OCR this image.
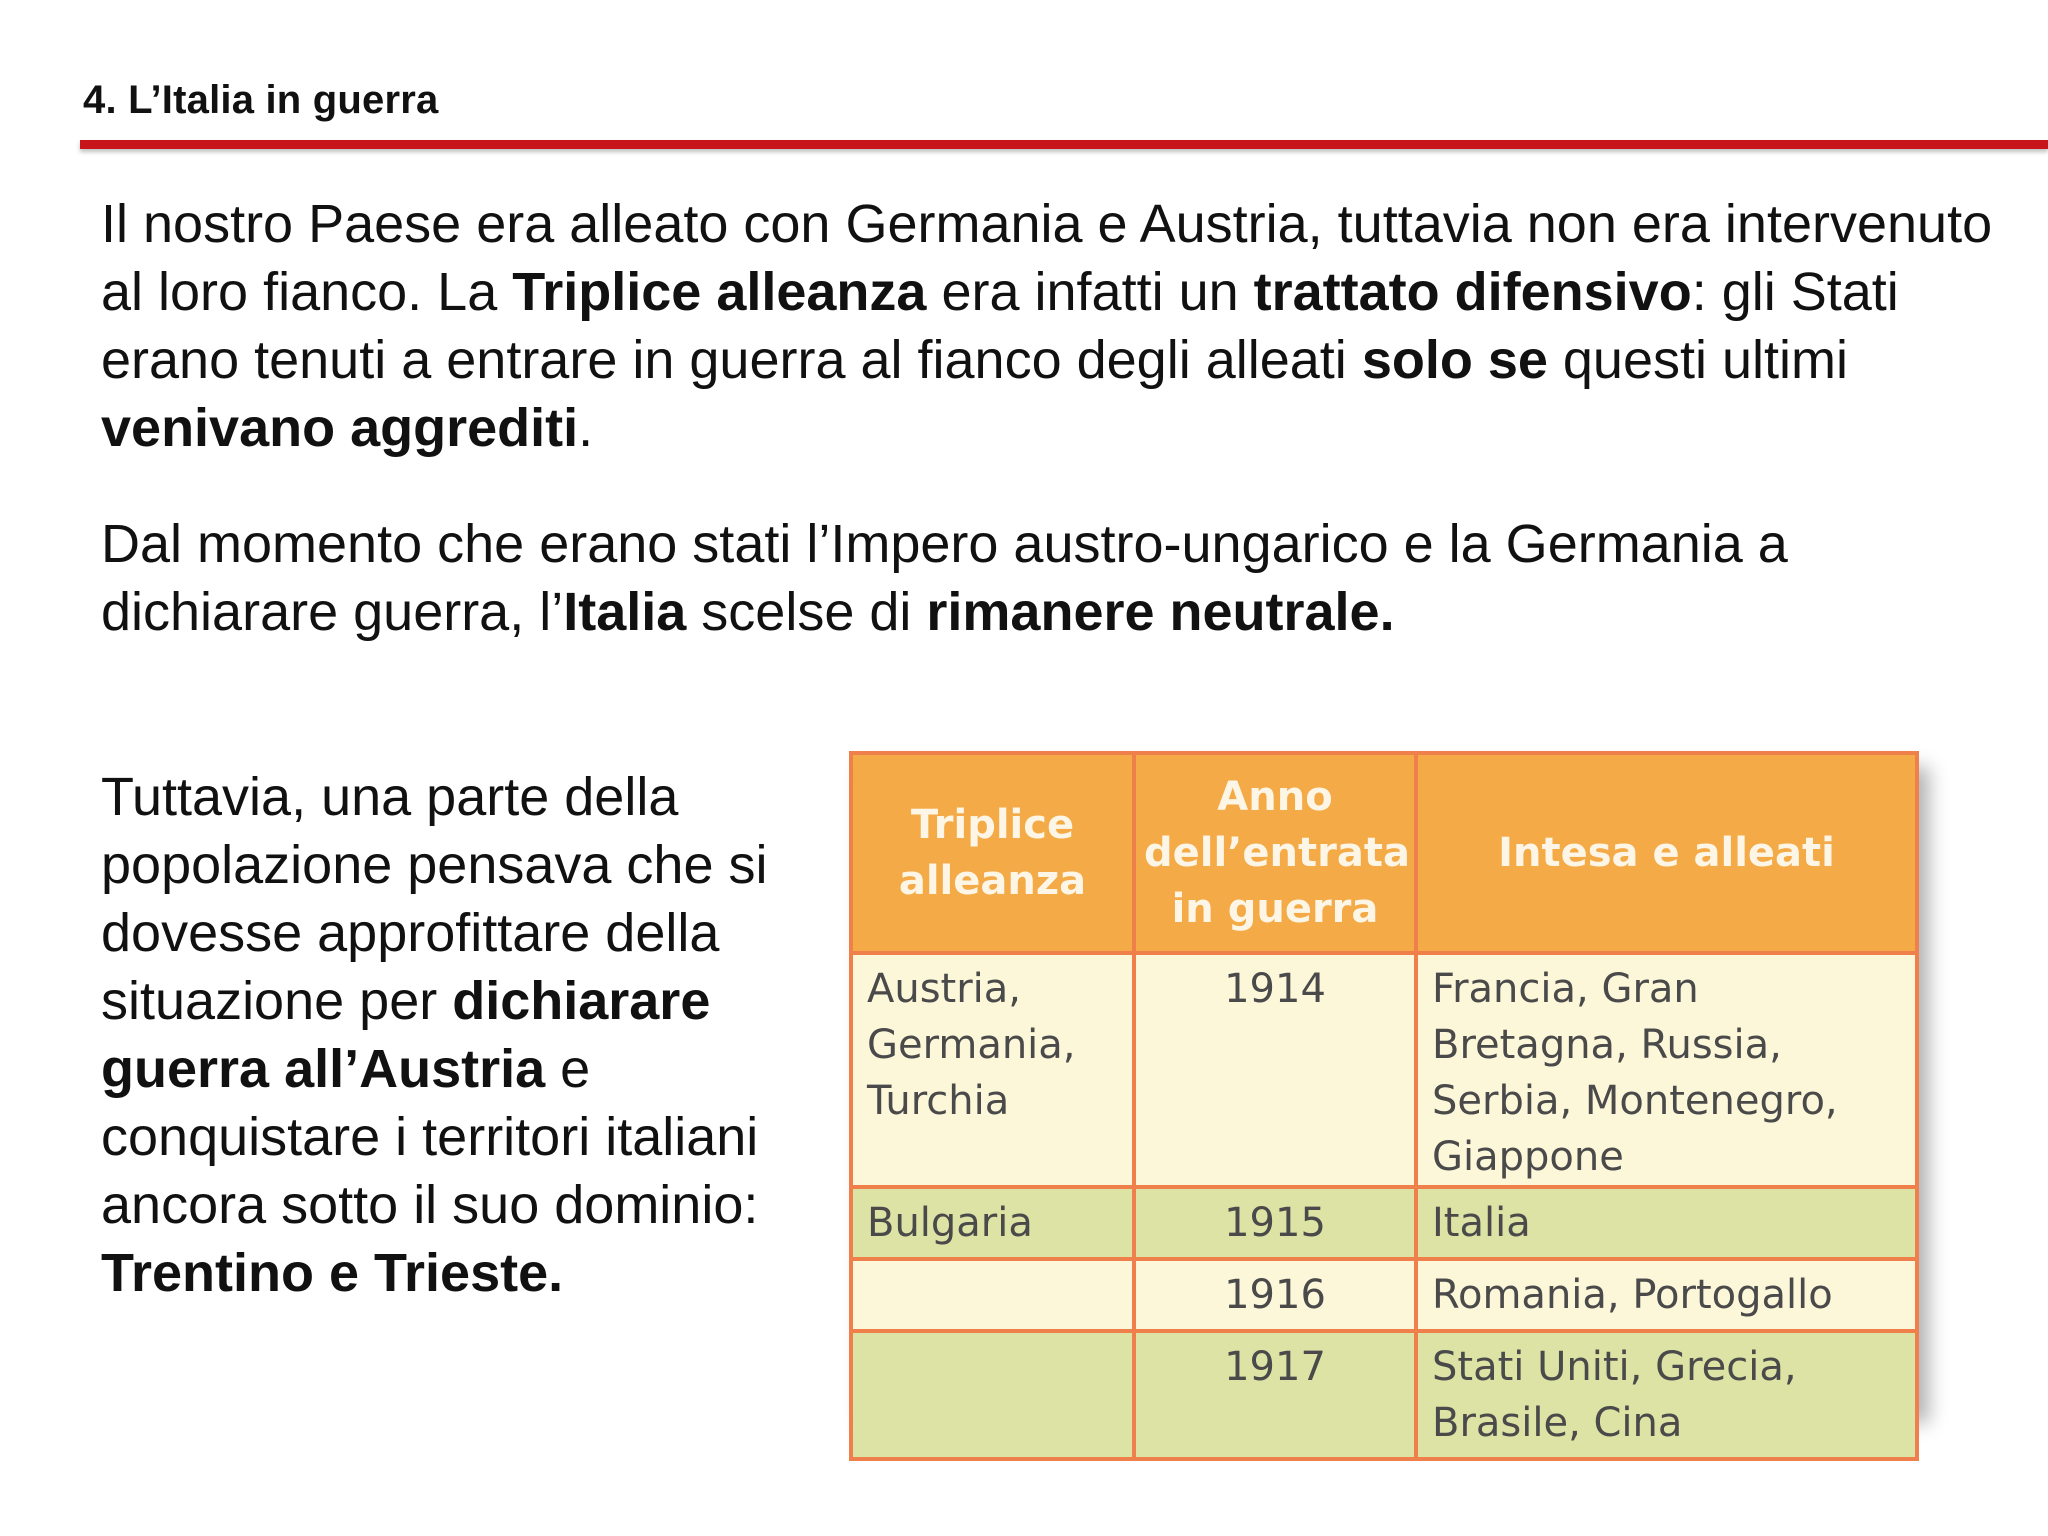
4. L’Italia in guerra

Il nostro Paese era alleato con Germania e Austria, tuttavia non era intervenuto al loro fianco. La Triplice alleanza era infatti un trattato difensivo: gli Stati erano tenuti a entrare in guerra al fianco degli alleati solo se questi ultimi venivano aggrediti.

Dal momento che erano stati l’Impero austro-ungarico e la Germania a dichiarare guerra, l’Italia scelse di rimanere neutrale.

Tuttavia, una parte della popolazione pensava che si dovesse approfittare della situazione per dichiarare guerra all’Austria e conquistare i territori italiani ancora sotto il suo dominio: Trentino e Trieste.

Triplice alleanza	Anno dell’entrata in guerra	Intesa e alleati
Austria, Germania, Turchia	1914	Francia, Gran Bretagna, Russia, Serbia, Montenegro, Giappone
Bulgaria	1915	Italia
	1916	Romania, Portogallo
	1917	Stati Uniti, Grecia, Brasile, Cina
